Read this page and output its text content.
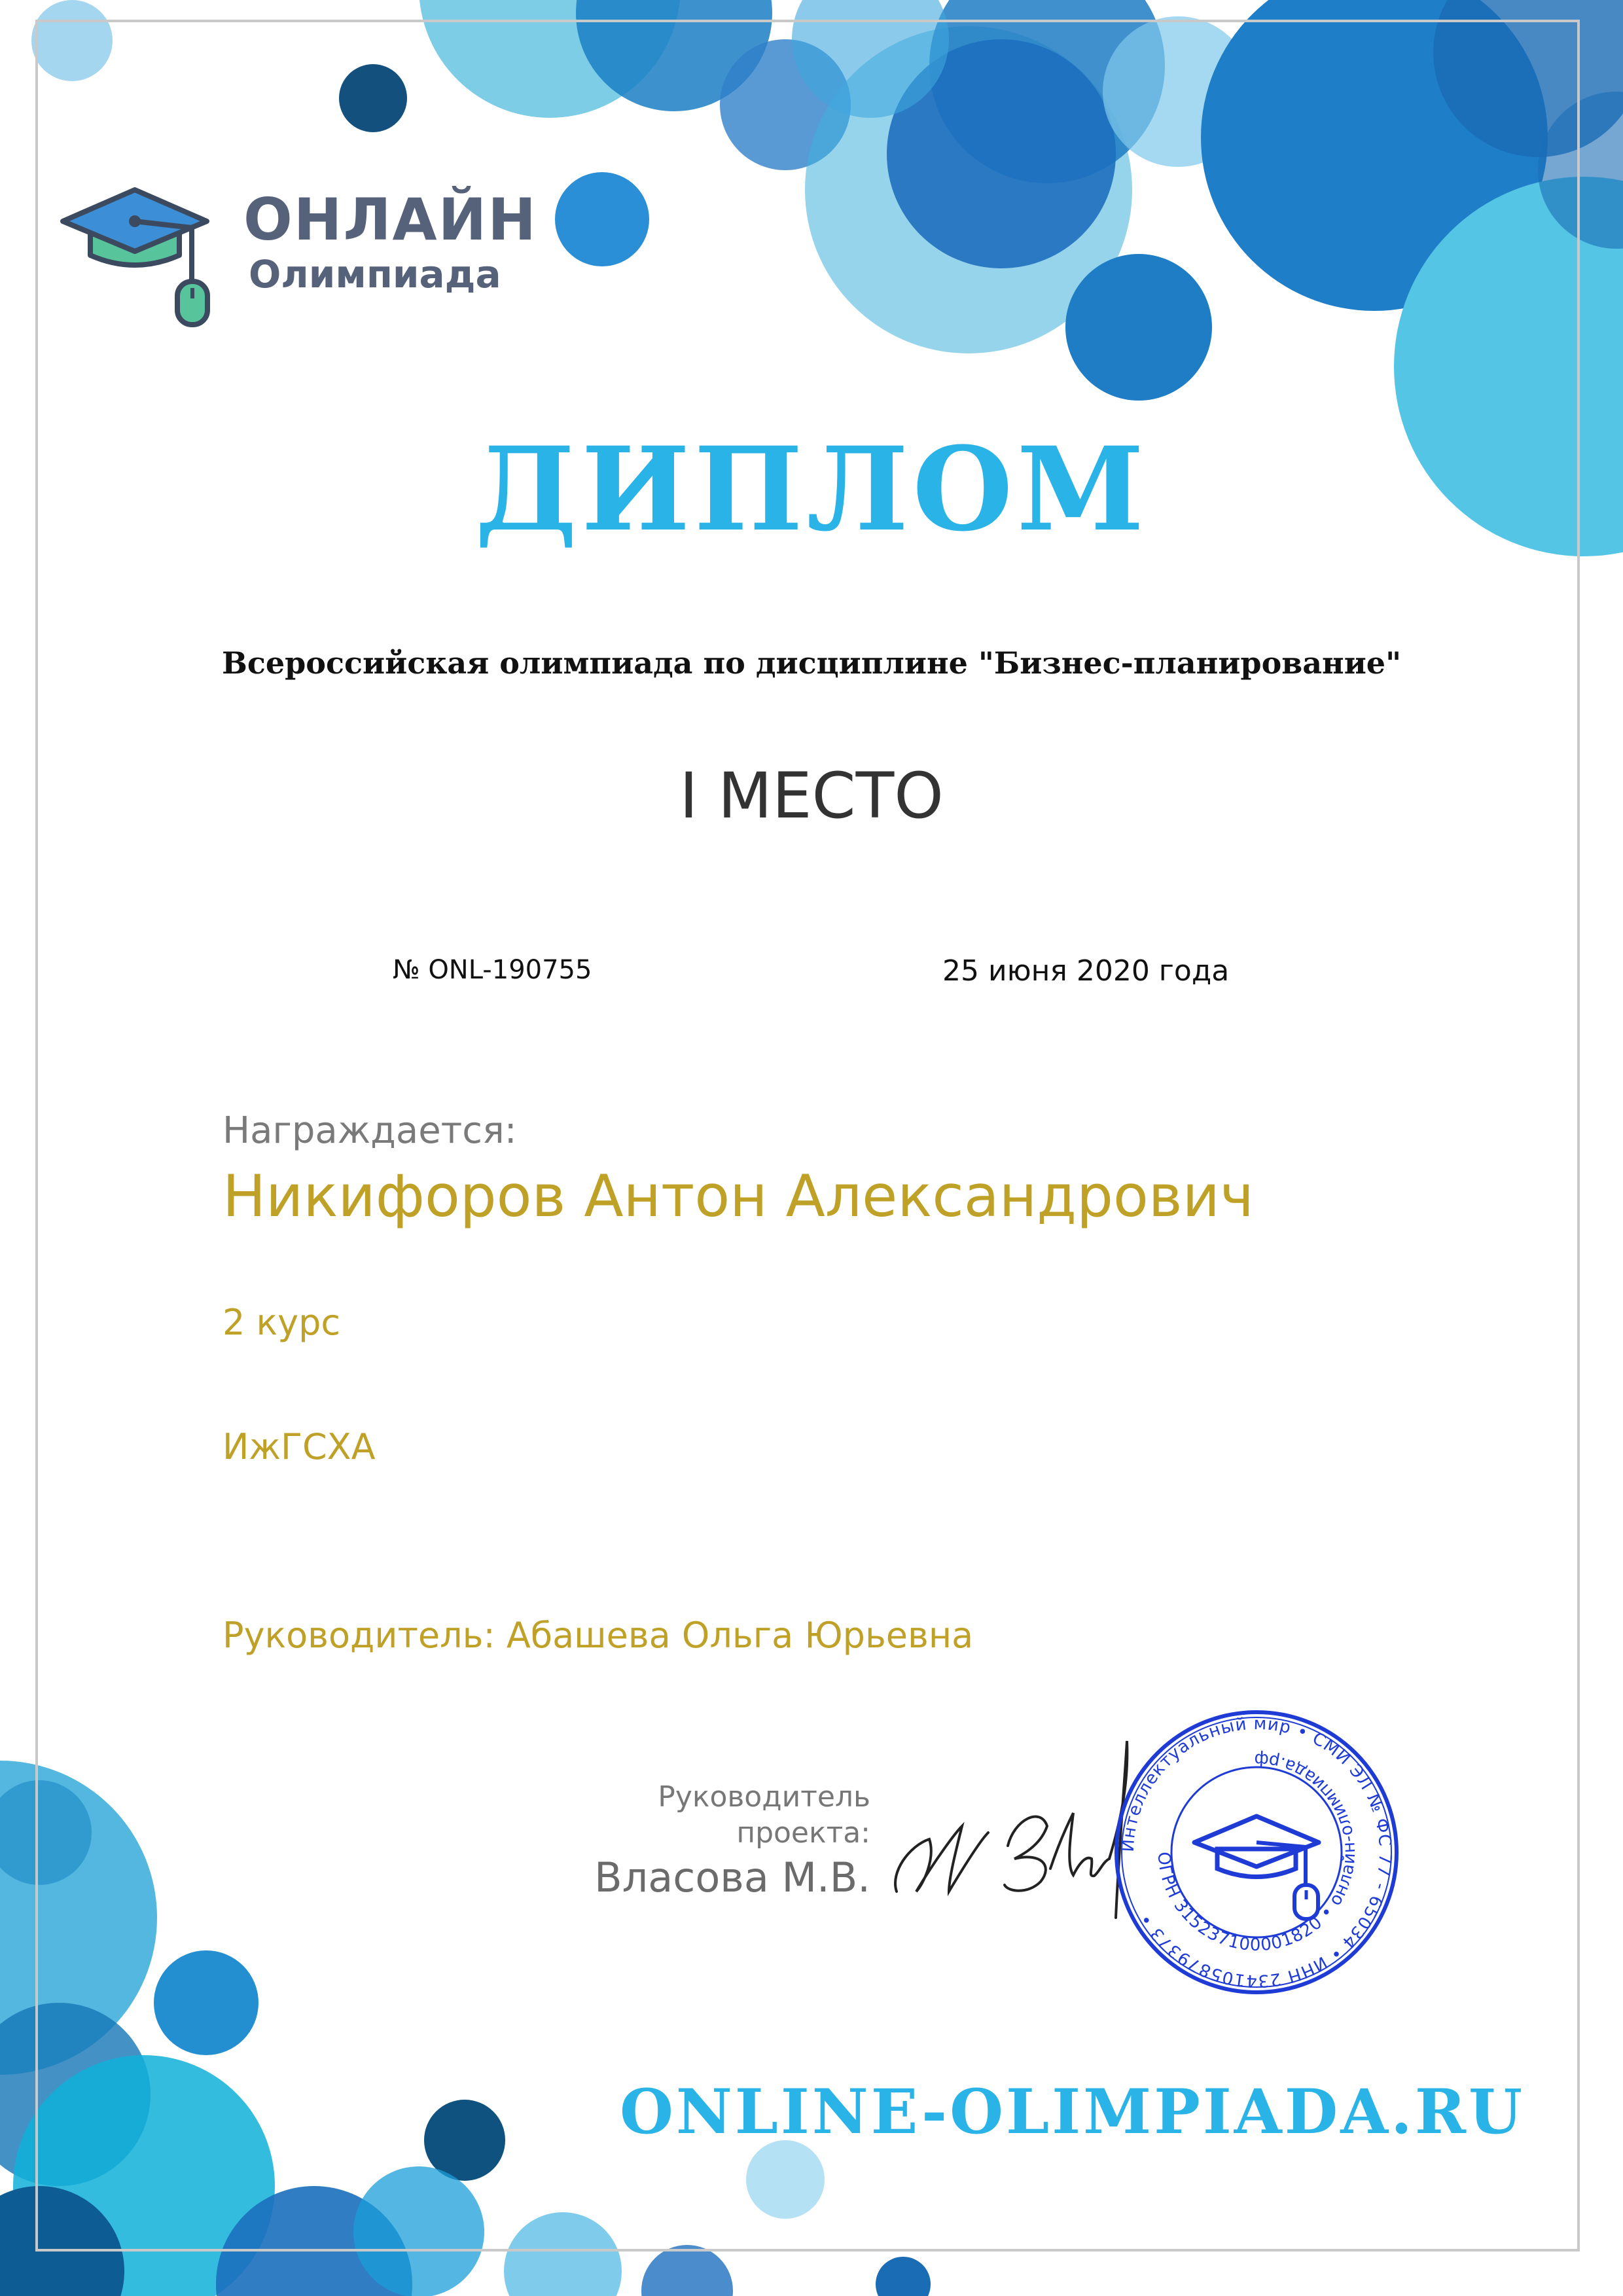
ОНЛАЙН
Олимпиада
ДИПЛОМ
Всероссийская олимпиада по дисциплине "Бизнес-планирование"
I МЕСТО
№ ONL-190755	25 июня 2020 года
Награждается:
Никифоров Антон Александрович
2 курс
ИжГСХА
Руководитель: Абашева Ольга Юрьевна
Руководитель проекта:
Власова М.В.
Интеллектуальный мир • СМИ ЭЛ № ФС 77 - 65034 • ИНН 234105879373 •
ОГРН 315237100001820 • онлайн-олимпиада.рф
ONLINE-OLIMPIADA.RU
